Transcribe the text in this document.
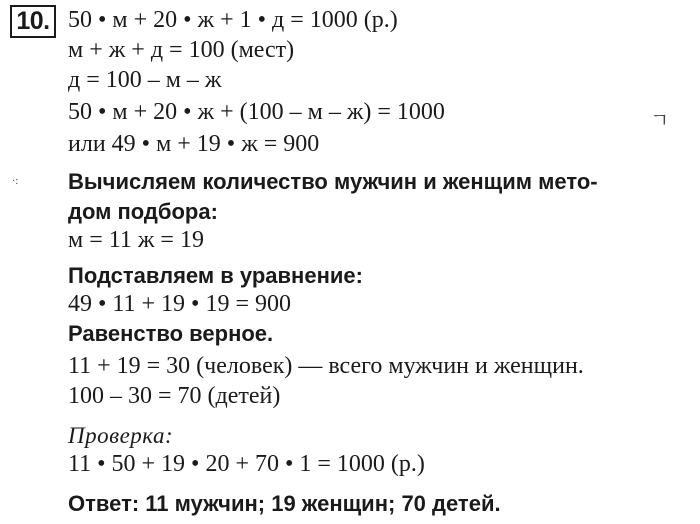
10. 50 • м + 20 • ж + 1 • д = 1000 (р.)
м + ж + д = 100 (мест)
д = 100 – м – ж
50 • м + 20 • ж + (100 – м – ж) = 1000
или 49 • м + 19 • ж = 900
Вычисляем количество мужчин и женщим мето-
дом подбора:
м = 11 ж = 19
Подставляем в уравнение:
49 • 11 + 19 • 19 = 900
Равенство верное.
11 + 19 = 30 (человек) — всего мужчин и женщин.
100 – 30 = 70 (детей)
Проверка:
11 • 50 + 19 • 20 + 70 • 1 = 1000 (р.)
Ответ: 11 мужчин; 19 женщин; 70 детей.
ㄱ
·:
